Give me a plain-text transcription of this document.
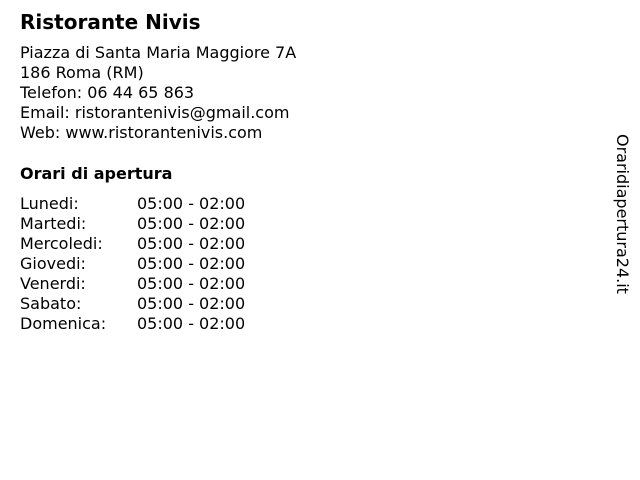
Ristorante Nivis
Piazza di Santa Maria Maggiore 7A
186 Roma (RM)
Telefon: 06 44 65 863
Email: ristorantenivis@gmail.com
Web: www.ristorantenivis.com
Orari di apertura
Lunedi:	05:00 - 02:00
Martedi:	05:00 - 02:00
Mercoledi:	05:00 - 02:00
Giovedi:	05:00 - 02:00
Venerdi:	05:00 - 02:00
Sabato:	05:00 - 02:00
Domenica:	05:00 - 02:00
Oraridiapertura24.it
